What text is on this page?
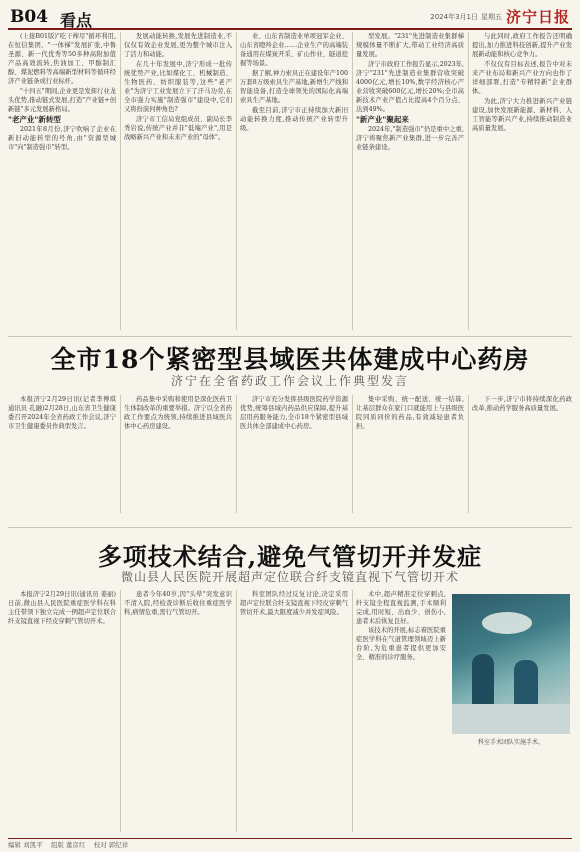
B04 看点	2024年3月1日 星期五 济宁日报

(上接B01版)"吃干榨尽"循环利用,在恒信集团、"一体梯"发展扩张,中鲁圣源、新一代优秀等50多种高附加值产品高效流转,焦油加工、甲醇制汇醇、煤泥燃料等高端新型材料等循环经济产业链条成行业标杆。

"十四五"期间,企业更是发挥行业龙头优势,推动链式发展,打造"产业链+创新链"多元发展新格局。

"老产业"新转型

2021年8月份,济宁吹响了企业在新旧动能转型的号角,由"资源型城市"向"制造强市"转型。

发展动能转换,发展先进制造业,不仅仅有效企业发展,更为整个城市注入了活力和动能。

在几十年发展中,济宁形成一批传统优势产业,比如煤化工、机械制造、生物医药、纺织服装等,这些"老产业"为济宁工业发展立下了汗马功劳,在全市强力实施"制造强市"建设中,它们又将扮演何种角色?

济宁市工信局党组成员、副局长李秀岩说,传统产业并非"低端产业",用是战略新兴产业和未来产业的"母体"。

业、山东省制造业单项冠军企业、山东省瞪羚企业……企业生产的高端装备通用在煤炭开采、矿山作业、隧道挖掘等场景。

据了解,神力索具正在建设年产100万套8万级索具生产基地,新增生产线和智能设备,打造全球领先的国际化高端索具生产基地。

截至目前,济宁市正持续加大新旧动能转换力度,推动传统产业转型升级。

型发展。"231"先进制造业集群梯规模体量不断扩大,带动工业经济高质量发展。

济宁市政府工作报告显示,2023年,济宁"231"先进制造业集群营收突破4000亿元,增长10%,数字经济核心产业营收突破600亿元,增长20%;全市高新技术产业产值占比提高4个百分点、达到49%。

"新产业"聚起来

2024年,"制造强市"仍是重中之重,济宁将聚焦新产业集群,进一步完善产业链条建设。

与此同时,政府工作报告还明确提出,加力推进科技创新,提升产业发展新动能和核心竞争力。

不仅仅有目标表述,报告中对未来产业布局和新兴产业方向也作了详细部署,打造"专精特新"企业群体。

为此,济宁大力推进新兴产业链建设,加快发展新能源、新材料、人工智能等新兴产业,持续推动制造业高质量发展。

全市18个紧密型县域医共体建成中心药房
济宁在全省药政工作会议上作典型发言

本报济宁2月29日讯(记者李博琪 通讯员 孔融)2月28日,山东省卫生健康委召开2024年全省药政工作会议,济宁市卫生健康委员作典型发言。

药品集中采购和使用是深化医药卫生体制改革的重要举措。济宁以全省药政工作要点为统领,持续推进县域医共体中心药房建设。

济宁市充分发挥县级医院药学资源优势,统筹县域内药品供应保障,提升基层用药服务能力,全市18个紧密型县域医共体全部建成中心药房。

集中采购、统一配送、统一结算,让基层群众在家门口就能用上与县级医院同质同价的药品,有效减轻患者负担。

下一步,济宁市将持续深化药政改革,推动药学服务高质量发展。

多项技术结合,避免气管切开并发症
微山县人民医院开展超声定位联合纤支镜直视下气管切开术

本报济宁2月29日讯(通讯员 姜丽)日前,微山县人民医院重症医学科在科主任带领下独立完成一例超声定位联合纤支镜直视下经皮穿刺气管切开术。

患者今年40岁,因"头晕"突发意识不清入院,经检查诊断后收住重症医学科,病情危重,需行气管切开。

科室团队经过反复讨论,决定采用超声定位联合纤支镜直视下经皮穿刺气管切开术,最大限度减少并发症风险。

术中,超声精准定位穿刺点,纤支镜全程直视监测,手术顺利完成,用时短、出血少、创伤小,患者术后恢复良好。

该技术的开展,标志着医院重症医学科在气道管理领域迈上新台阶,为危重患者提供更加安全、精准的诊疗服务。

科室手术团队实施手术。
编辑 刘凯平 组版 董彦红 校对 郭纪祥
